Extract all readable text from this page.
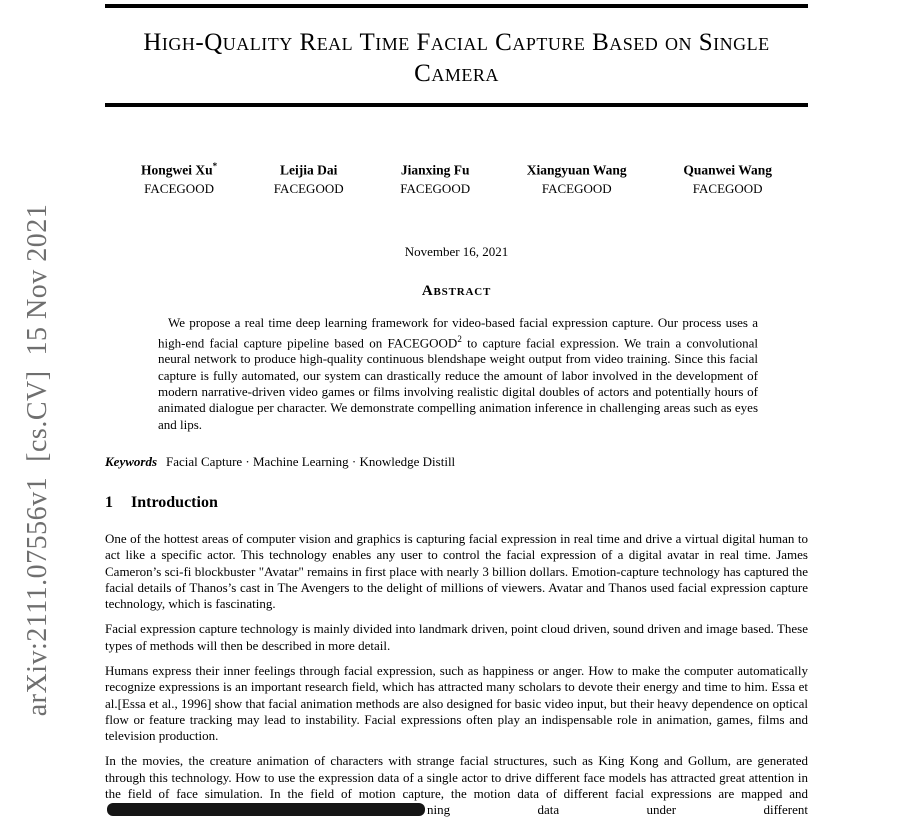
arXiv:2111.07556v1  [cs.CV]  15 Nov 2021
High-Quality Real Time Facial Capture Based on Single Camera
Hongwei Xu*
FACEGOOD
Leijia Dai
FACEGOOD
Jianxing Fu
FACEGOOD
Xiangyuan Wang
FACEGOOD
Quanwei Wang
FACEGOOD
November 16, 2021
Abstract

We propose a real time deep learning framework for video-based facial expression capture. Our process uses a high-end facial capture pipeline based on FACEGOOD$^2$ to capture facial expression. We train a convolutional neural network to produce high-quality continuous blendshape weight output from video training. Since this facial capture is fully automated, our system can drastically reduce the amount of labor involved in the development of modern narrative-driven video games or films involving realistic digital doubles of actors and potentially hours of animated dialogue per character. We demonstrate compelling animation inference in challenging areas such as eyes and lips.

Keywords Facial Capture · Machine Learning · Knowledge Distill

1 Introduction

One of the hottest areas of computer vision and graphics is capturing facial expression in real time and drive a virtual digital human to act like a specific actor. This technology enables any user to control the facial expression of a digital avatar in real time. James Cameron’s sci-fi blockbuster "Avatar" remains in first place with nearly 3 billion dollars. Emotion-capture technology has captured the facial details of Thanos’s cast in The Avengers to the delight of millions of viewers. Avatar and Thanos used facial expression capture technology, which is fascinating.

Facial expression capture technology is mainly divided into landmark driven, point cloud driven, sound driven and image based. These types of methods will then be described in more detail.

Humans express their inner feelings through facial expression, such as happiness or anger. How to make the computer automatically recognize expressions is an important research field, which has attracted many scholars to devote their energy and time to him. Essa et al.[Essa et al., 1996] show that facial animation methods are also designed for basic video input, but their heavy dependence on optical flow or feature tracking may lead to instability. Facial expressions often play an indispensable role in animation, games, films and television production.

In the movies, the creature animation of characters with strange facial structures, such as King Kong and Gollum, are generated through this technology. How to use the expression data of a single actor to drive different face models has attracted great attention in the field of face simulation. In the field of motion capture, the motion data of different facial expressions are mapped andning data under different
